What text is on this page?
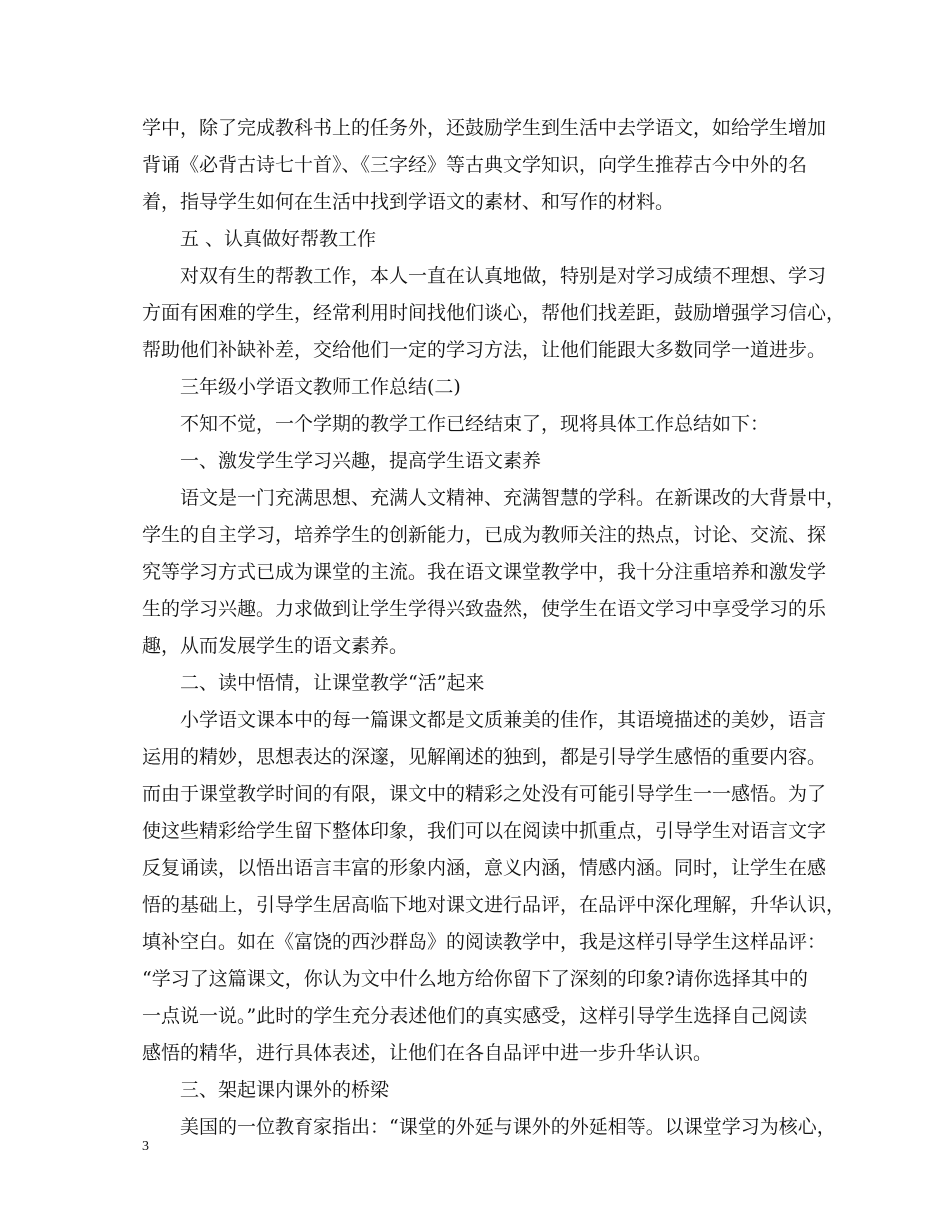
学中，除了完成教科书上的任务外，还鼓励学生到生活中去学语文，如给学生增加
背诵《必背古诗七十首》、《三字经》等古典文学知识，向学生推荐古今中外的名
着，指导学生如何在生活中找到学语文的素材、和写作的材料。
五 、认真做好帮教工作
对双有生的帮教工作，本人一直在认真地做，特别是对学习成绩不理想、学习
方面有困难的学生，经常利用时间找他们谈心，帮他们找差距，鼓励增强学习信心，
帮助他们补缺补差，交给他们一定的学习方法，让他们能跟大多数同学一道进步。
三年级小学语文教师工作总结(二)
不知不觉，一个学期的教学工作已经结束了，现将具体工作总结如下：
一、激发学生学习兴趣，提高学生语文素养
语文是一门充满思想、充满人文精神、充满智慧的学科。在新课改的大背景中，
学生的自主学习，培养学生的创新能力，已成为教师关注的热点，讨论、交流、探
究等学习方式已成为课堂的主流。我在语文课堂教学中，我十分注重培养和激发学
生的学习兴趣。力求做到让学生学得兴致盎然，使学生在语文学习中享受学习的乐
趣，从而发展学生的语文素养。
二、读中悟情，让课堂教学“活”起来
小学语文课本中的每一篇课文都是文质兼美的佳作，其语境描述的美妙，语言
运用的精妙，思想表达的深邃，见解阐述的独到，都是引导学生感悟的重要内容。
而由于课堂教学时间的有限，课文中的精彩之处没有可能引导学生一一感悟。为了
使这些精彩给学生留下整体印象，我们可以在阅读中抓重点，引导学生对语言文字
反复诵读，以悟出语言丰富的形象内涵，意义内涵，情感内涵。同时，让学生在感
悟的基础上，引导学生居高临下地对课文进行品评，在品评中深化理解，升华认识，
填补空白。如在《富饶的西沙群岛》的阅读教学中，我是这样引导学生这样品评：
“学习了这篇课文，你认为文中什么地方给你留下了深刻的印象?请你选择其中的
一点说一说。”此时的学生充分表述他们的真实感受，这样引导学生选择自己阅读
感悟的精华，进行具体表述，让他们在各自品评中进一步升华认识。
三、架起课内课外的桥梁
美国的一位教育家指出：“课堂的外延与课外的外延相等。以课堂学习为核心，
3
